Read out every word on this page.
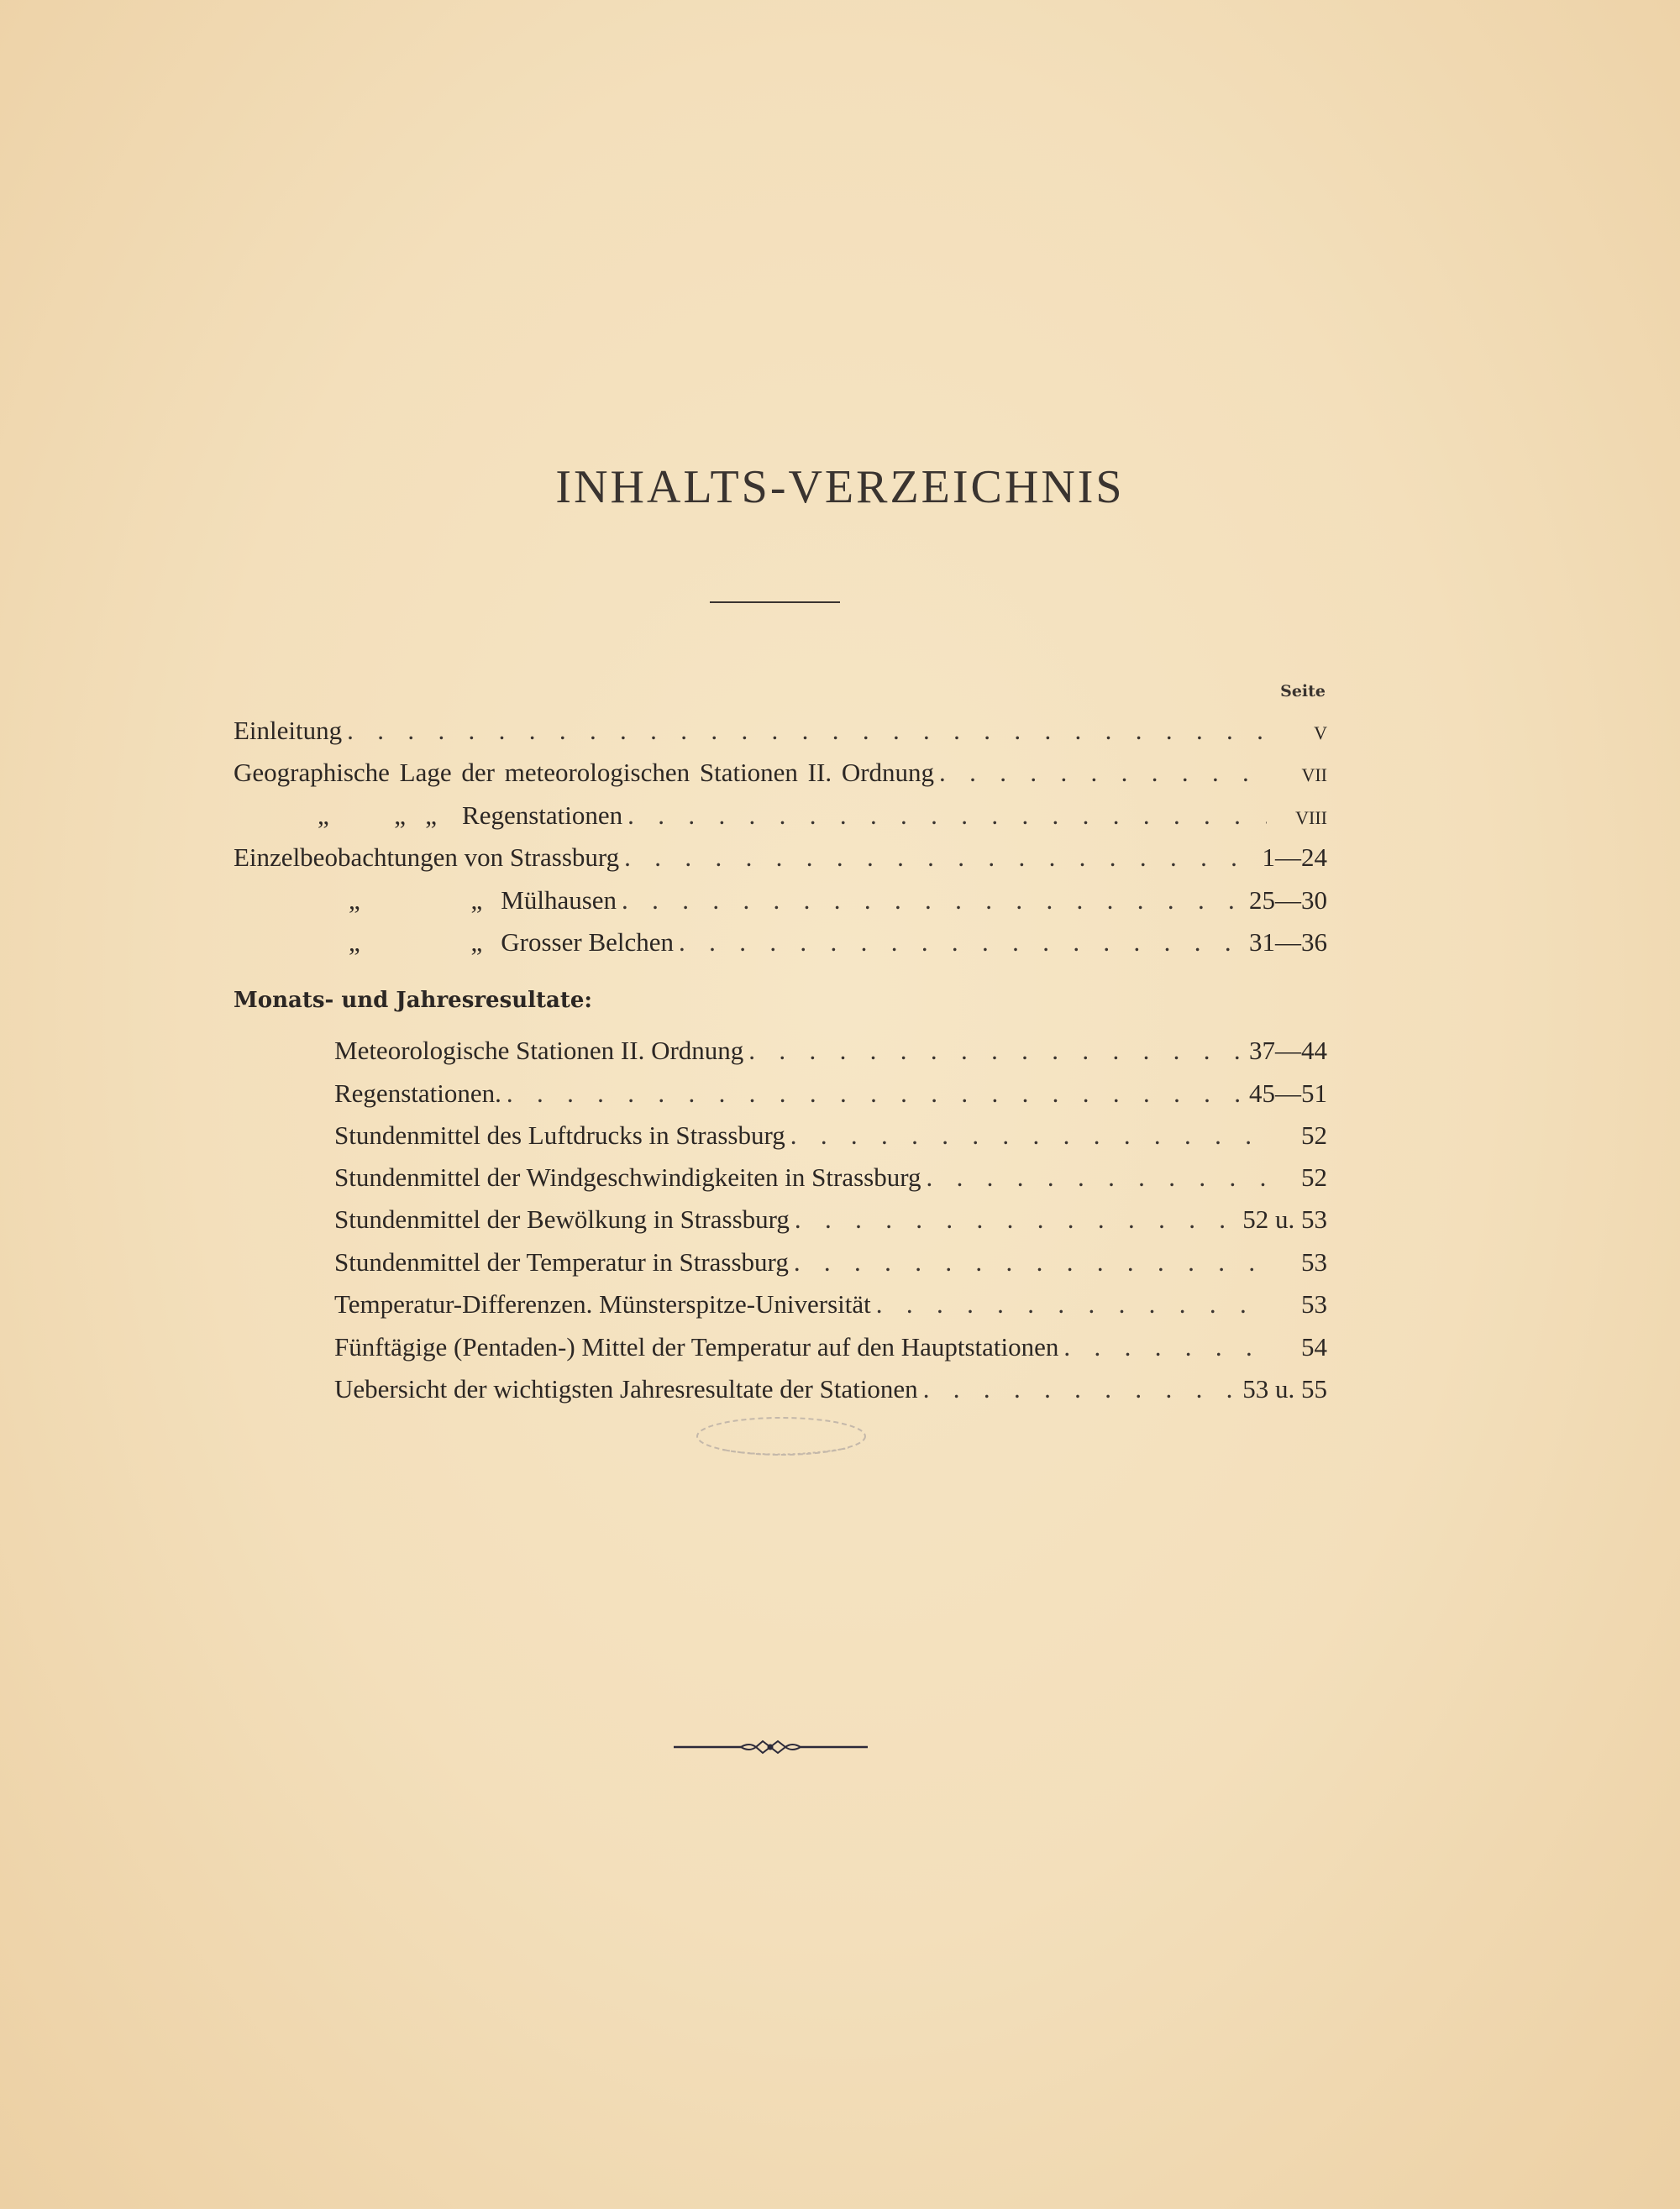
INHALTS-VERZEICHNIS
Seite
Einleitung . . .	v
Geographische Lage der meteorologischen Stationen II. Ordnung . . .	vii
„          „   „ Regenstationen . . .	viii
Einzelbeobachtungen von Strassburg . . .	1—24
„                 „ Mülhausen . . .	25—30
„                 „ Grosser Belchen . . .	31—36
Monats- und Jahresresultate:
Meteorologische Stationen II. Ordnung . . .	37—44
Regenstationen. . . .	45—51
Stundenmittel des Luftdrucks in Strassburg . . .	52
Stundenmittel der Windgeschwindigkeiten in Strassburg . . .	52
Stundenmittel der Bewölkung in Strassburg . . .	52 u. 53
Stundenmittel der Temperatur in Strassburg . . .	53
Temperatur-Differenzen. Münsterspitze-Universität . . .	53
Fünftägige (Pentaden-) Mittel der Temperatur auf den Hauptstationen . . .	54
Uebersicht der wichtigsten Jahresresultate der Stationen . . .	53 u. 55
